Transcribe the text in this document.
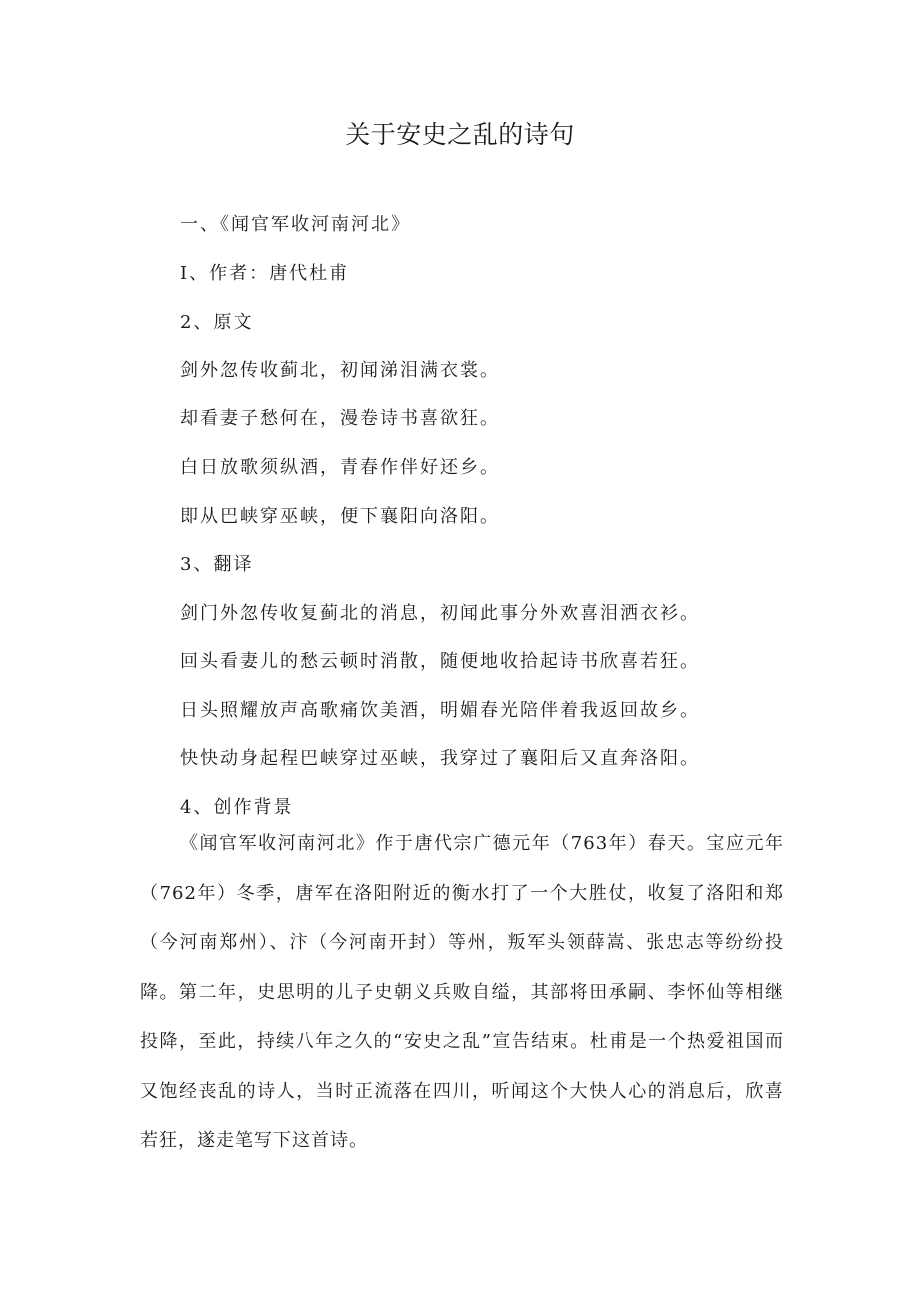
关于安史之乱的诗句
一、《闻官军收河南河北》
I、作者：唐代杜甫
2、原文
剑外忽传收蓟北，初闻涕泪满衣裳。
却看妻子愁何在，漫卷诗书喜欲狂。
白日放歌须纵酒，青春作伴好还乡。
即从巴峡穿巫峡，便下襄阳向洛阳。
3、翻译
剑门外忽传收复蓟北的消息，初闻此事分外欢喜泪洒衣衫。
回头看妻儿的愁云顿时消散，随便地收拾起诗书欣喜若狂。
日头照耀放声高歌痛饮美酒，明媚春光陪伴着我返回故乡。
快快动身起程巴峡穿过巫峡，我穿过了襄阳后又直奔洛阳。
4、创作背景
《闻官军收河南河北》作于唐代宗广德元年（763年）春天。宝应元年（762年）冬季，唐军在洛阳附近的衡水打了一个大胜仗，收复了洛阳和郑（今河南郑州）、汴（今河南开封）等州，叛军头领薛嵩、张忠志等纷纷投降。第二年，史思明的儿子史朝义兵败自缢，其部将田承嗣、李怀仙等相继投降，至此，持续八年之久的“安史之乱”宣告结束。杜甫是一个热爱祖国而又饱经丧乱的诗人，当时正流落在四川，听闻这个大快人心的消息后，欣喜若狂，遂走笔写下这首诗。
